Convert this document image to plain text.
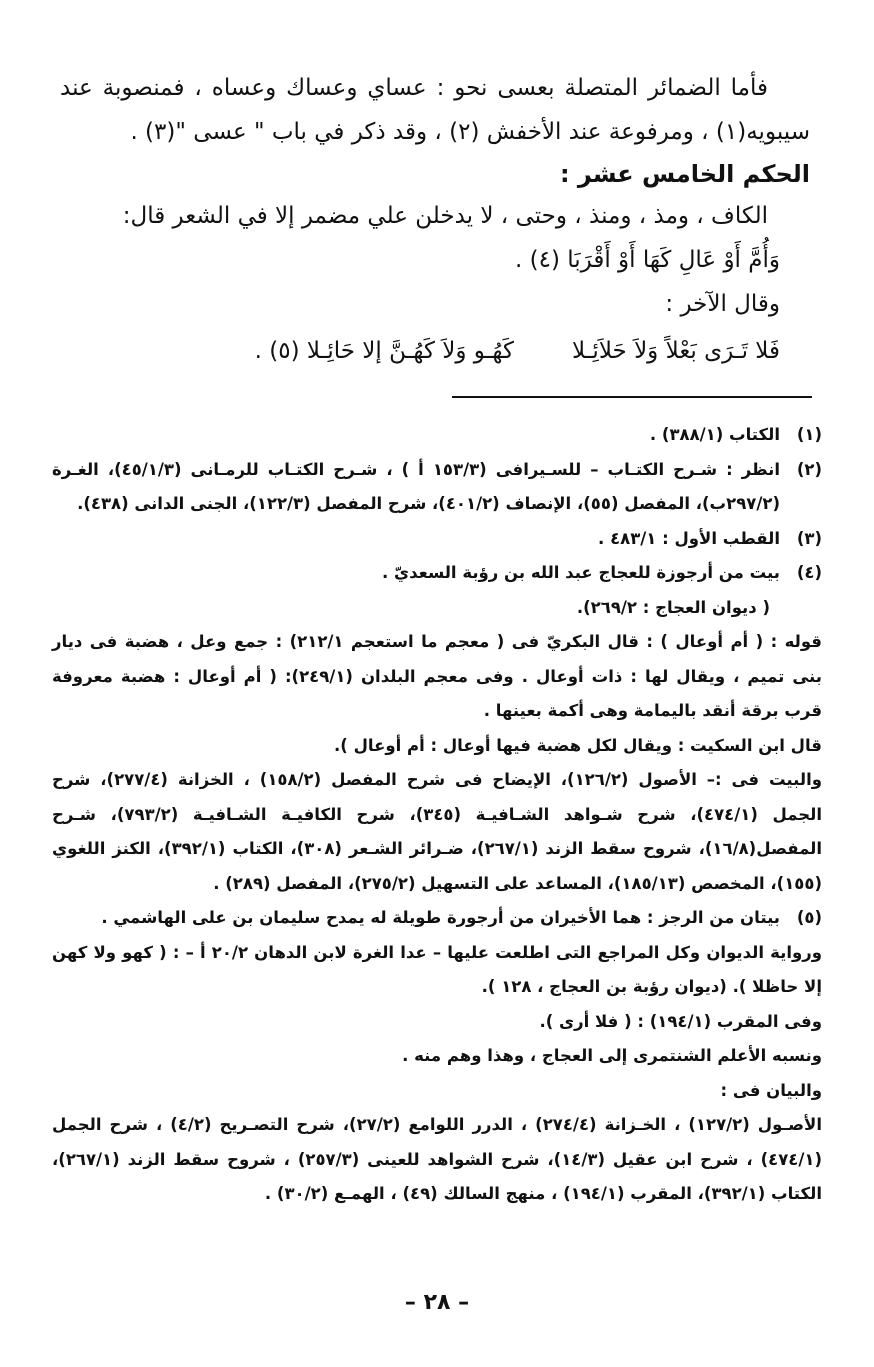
فأما الضمائر المتصلة بعسى نحو : عساي وعساك وعساه ، فمنصوبة عند سيبويه(١) ، ومرفوعة عند الأخفش (٢) ، وقد ذكر في باب " عسى "(٣) .

الحكم الخامس عشر :

الكاف ، ومذ ، ومنذ ، وحتى ، لا يدخلن علي مضمر إلا في الشعر قال:

وَأُمَّ أَوْ عَالِ كَهَا أَوْ أَقْرَبَا (٤) .

وقال الآخر :

فَلا تَـرَى بَعْلاً وَلاَ حَلاَئِـلاكَهُـو وَلاَ كَهُـنَّ إلا حَائِـلا (٥) .

(١)

الكتاب (٣٨٨/١) .

(٢)

انظر : شـرح الكتـاب – للسـيرافى (١٥٣/٣ أ ) ، شـرح الكتـاب للرمـانى (٤٥/١/٣)، الغـرة (٢٩٧/٢ب)، المفصل (٥٥)، الإنصاف (٤٠١/٢)، شرح المفصل (١٢٢/٣)، الجنى الدانى (٤٣٨).

(٣)

القطب الأول : ٤٨٣/١ .

(٤)

بيت من أرجوزة للعجاج عبد الله بن رؤبة السعديّ .

( ديوان العجاج : ٢٦٩/٢).

قوله : ( أم أوعال ) : قال البكريّ فى ( معجم ما استعجم ٢١٢/١) : جمع وعل ، هضبة فى ديار بنى تميم ، ويقال لها : ذات أوعال . وفى معجم البلدان (٢٤٩/١): ( أم أوعال : هضبة معروفة قرب برقة أنقد باليمامة وهى أكمة بعينها .

قال ابن السكيت : ويقال لكل هضبة فيها أوعال : أم أوعال ).

والبيت فى :– الأصول (١٢٦/٢)، الإيضاح فى شرح المفصل (١٥٨/٢) ، الخزانة (٢٧٧/٤)، شرح الجمل (٤٧٤/١)، شرح شـواهد الشـافيـة (٣٤٥)، شرح الكافيـة الشـافيـة (٧٩٣/٢)، شـرح المفصل(١٦/٨)، شروح سقط الزند (٢٦٧/١)، ضـرائر الشـعر (٣٠٨)، الكتاب (٣٩٢/١)، الكنز اللغوي (١٥٥)، المخصص (١٨٥/١٣)، المساعد على التسهيل (٢٧٥/٢)، المفصل (٢٨٩) .

(٥)

بيتان من الرجز : هما الأخيران من أرجورة طويلة له يمدح سليمان بن على الهاشمي .

ورواية الديوان وكل المراجع التى اطلعت عليها – عدا الغرة لابن الدهان ٢٠/٢ أ – : ( كهو ولا كهن إلا حاظلا ). (ديوان رؤبة بن العجاج ، ١٢٨ ).

وفى المقرب (١٩٤/١) : ( فلا أرى ).

ونسبه الأعلم الشنتمرى إلى العجاج ، وهذا وهم منه .

والبيان فى :

الأصـول (١٢٧/٢) ، الخـزانة (٢٧٤/٤) ، الدرر اللوامع (٢٧/٢)، شرح التصـريح (٤/٢) ، شرح الجمل (٤٧٤/١) ، شرح ابن عقيل (١٤/٣)، شرح الشواهد للعينى (٢٥٧/٣) ، شروح سقط الزند (٢٦٧/١)، الكتاب (٣٩٢/١)، المقرب (١٩٤/١) ، منهج السالك (٤٩) ، الهمـع (٣٠/٢) .

– ٢٨ –
